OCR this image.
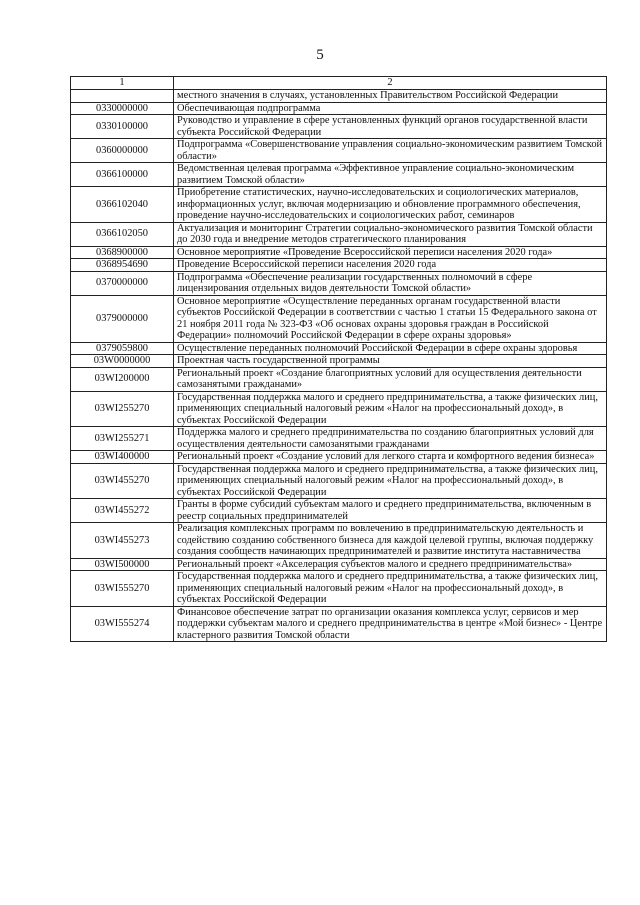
5
1	2
	местного значения в случаях, установленных Правительством Российской Федерации
0330000000	Обеспечивающая подпрограмма
0330100000	Руководство и управление в сфере установленных функций органов государственной власти субъекта Российской Федерации
0360000000	Подпрограмма «Совершенствование управления социально-экономическим развитием Томской области»
0366100000	Ведомственная целевая программа «Эффективное управление социально-экономическим развитием Томской области»
0366102040	Приобретение статистических, научно-исследовательских и социологических материалов, информационных услуг, включая модернизацию и обновление программного обеспечения, проведение научно-исследовательских и социологических работ, семинаров
0366102050	Актуализация и мониторинг Стратегии социально-экономического развития Томской области до 2030 года и внедрение методов стратегического планирования
0368900000	Основное мероприятие «Проведение Всероссийской переписи населения 2020 года»
0368954690	Проведение Всероссийской переписи населения 2020 года
0370000000	Подпрограмма «Обеспечение реализации государственных полномочий в сфере лицензирования отдельных видов деятельности Томской области»
0379000000	Основное мероприятие «Осуществление переданных органам государственной власти субъектов Российской Федерации в соответствии с частью 1 статьи 15 Федерального закона от 21 ноября 2011 года № 323-ФЗ «Об основах охраны здоровья граждан в Российской Федерации» полномочий Российской Федерации в сфере охраны здоровья»
0379059800	Осуществление переданных полномочий Российской Федерации в сфере охраны здоровья
03W0000000	Проектная часть государственной программы
03WI200000	Региональный проект «Создание благоприятных условий для осуществления деятельности самозанятыми гражданами»
03WI255270	Государственная поддержка малого и среднего предпринимательства, а также физических лиц, применяющих специальный налоговый режим «Налог на профессиональный доход», в субъектах Российской Федерации
03WI255271	Поддержка малого и среднего предпринимательства по созданию благоприятных условий для осуществления деятельности самозанятыми гражданами
03WI400000	Региональный проект «Создание условий для легкого старта и комфортного ведения бизнеса»
03WI455270	Государственная поддержка малого и среднего предпринимательства, а также физических лиц, применяющих специальный налоговый режим «Налог на профессиональный доход», в субъектах Российской Федерации
03WI455272	Гранты в форме субсидий субъектам малого и среднего предпринимательства, включенным в реестр социальных предпринимателей
03WI455273	Реализация комплексных программ по вовлечению в предпринимательскую деятельность и содействию созданию собственного бизнеса для каждой целевой группы, включая поддержку создания сообществ начинающих предпринимателей и развитие института наставничества
03WI500000	Региональный проект «Акселерация субъектов малого и среднего предпринимательства»
03WI555270	Государственная поддержка малого и среднего предпринимательства, а также физических лиц, применяющих специальный налоговый режим «Налог на профессиональный доход», в субъектах Российской Федерации
03WI555274	Финансовое обеспечение затрат по организации оказания комплекса услуг, сервисов и мер поддержки субъектам малого и среднего предпринимательства в центре «Мой бизнес» - Центре кластерного развития Томской области
